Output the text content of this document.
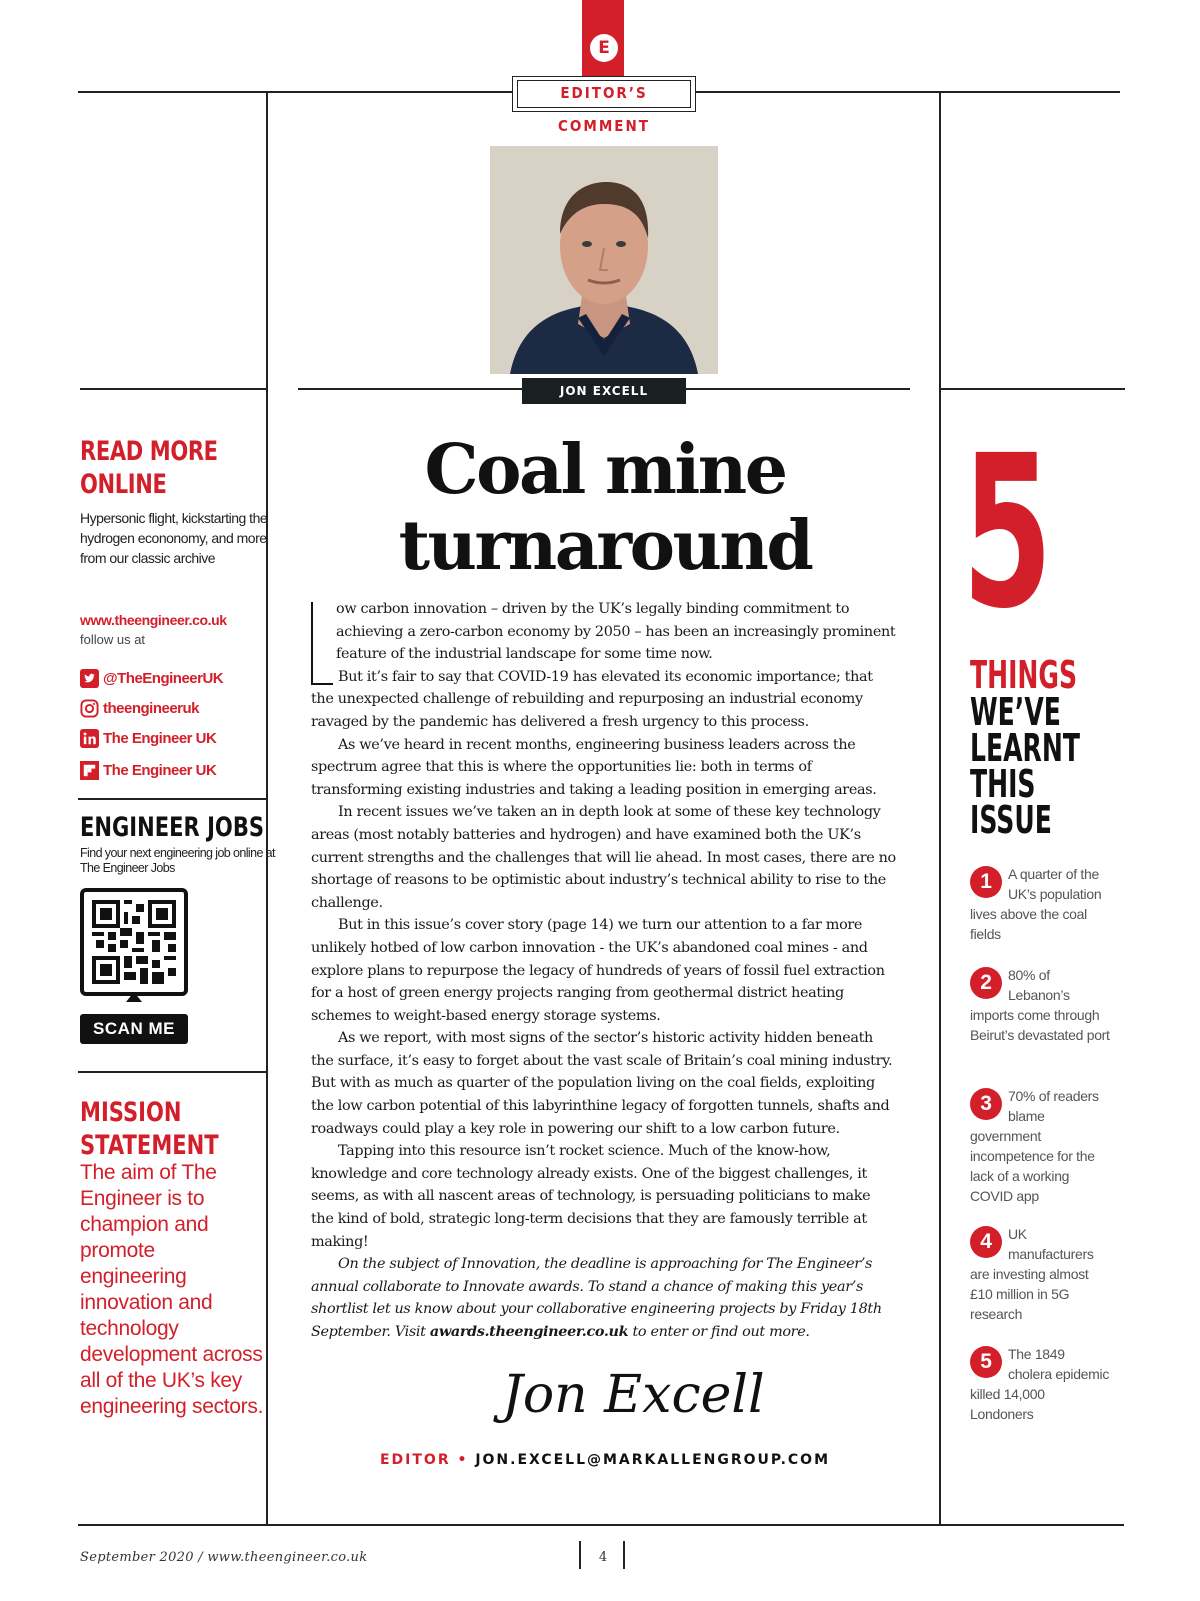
E
EDITOR’S COMMENT
JON EXCELL
Coal mine
turnaround

ow carbon innovation – driven by the UK’s legally binding commitment to achieving a zero-carbon economy by 2050 – has been an increasingly prominent feature of the industrial landscape for some time now.

But it’s fair to say that COVID-19 has elevated its economic importance; that the unexpected challenge of rebuilding and repurposing an industrial economy ravaged by the pandemic has delivered a fresh urgency to this process.

As we’ve heard in recent months, engineering business leaders across the spectrum agree that this is where the opportunities lie: both in terms of transforming existing industries and taking a leading position in emerging areas.

In recent issues we’ve taken an in depth look at some of these key technology areas (most notably batteries and hydrogen) and have examined both the UK’s current strengths and the challenges that will lie ahead. In most cases, there are no shortage of reasons to be optimistic about industry’s technical ability to rise to the challenge.

But in this issue’s cover story (page 14) we turn our attention to a far more unlikely hotbed of low carbon innovation - the UK’s abandoned coal mines - and explore plans to repurpose the legacy of hundreds of years of fossil fuel extraction for a host of green energy projects ranging from geothermal district heating schemes to weight-based energy storage systems.

As we report, with most signs of the sector’s historic activity hidden beneath the surface, it’s easy to forget about the vast scale of Britain’s coal mining industry. But with as much as quarter of the population living on the coal fields, exploiting the low carbon potential of this labyrinthine legacy of forgotten tunnels, shafts and roadways could play a key role in powering our shift to a low carbon future.

Tapping into this resource isn’t rocket science. Much of the know-how, knowledge and core technology already exists. One of the biggest challenges, it seems, as with all nascent areas of technology, is persuading politicians to make the kind of bold, strategic long-term decisions that they are famously terrible at making!

On the subject of Innovation, the deadline is approaching for The Engineer’s annual collaborate to Innovate awards. To stand a chance of making this year’s shortlist let us know about your collaborative engineering projects by Friday 18th September. Visit awards.theengineer.co.uk to enter or find out more.

Jon Excell
EDITOR • JON.EXCELL@MARKALLENGROUP.COM
READ MORE ONLINE
Hypersonic flight, kickstarting the hydrogen econonomy, and more from our classic archive
www.theengineer.co.uk
follow us at
@TheEngineerUK
theengineeruk
The Engineer UK
The Engineer UK
ENGINEER JOBS
Find your next engineering job online at The Engineer Jobs
SCAN ME
MISSION STATEMENT
The aim of The Engineer is to champion and promote engineering innovation and technology development across all of the UK’s key engineering sectors.
5
THINGS
WE’VE
LEARNT
THIS
ISSUE
1	A quarter of the UK’s population lives above the coal fields
2	80% of Lebanon’s imports come through Beirut’s devastated port
3	70% of readers blame government incompetence for the lack of a working COVID app
4	UK manufacturers are investing almost £10 million in 5G research
5	The 1849 cholera epidemic killed 14,000 Londoners
September 2020 / www.theengineer.co.uk	4
